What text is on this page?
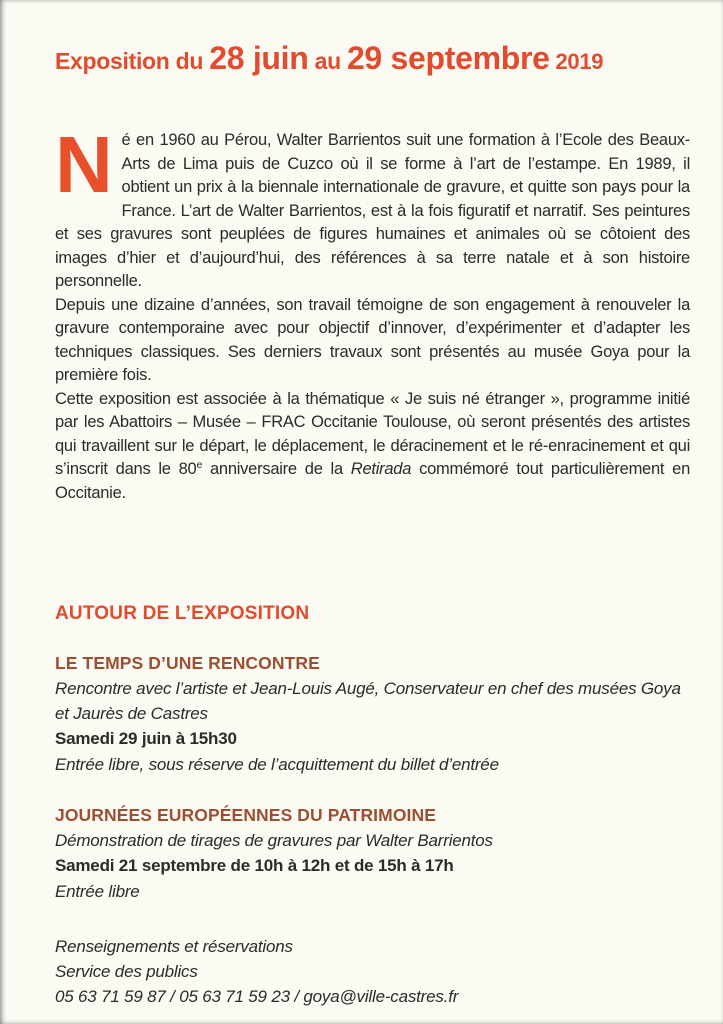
Exposition du 28 juin au 29 septembre 2019

Né en 1960 au Pérou, Walter Barrientos suit une formation à l’Ecole des Beaux-Arts de Lima puis de Cuzco où il se forme à l’art de l’estampe. En 1989, il obtient un prix à la biennale internationale de gravure, et quitte son pays pour la France. L’art de Walter Barrientos, est à la fois figuratif et narratif. Ses peintures et ses gravures sont peuplées de figures humaines et animales où se côtoient des images d’hier et d’aujourd’hui, des références à sa terre natale et à son histoire personnelle.

Depuis une dizaine d’années, son travail témoigne de son engagement à renouveler la gravure contemporaine avec pour objectif d’innover, d’expérimenter et d’adapter les techniques classiques. Ses derniers travaux sont présentés au musée Goya pour la première fois.

Cette exposition est associée à la thématique « Je suis né étranger », programme initié par les Abattoirs – Musée – FRAC Occitanie Toulouse, où seront présentés des artistes qui travaillent sur le départ, le déplacement, le déracinement et le ré-enracinement et qui s’inscrit dans le 80e anniversaire de la Retirada commémoré tout particulièrement en Occitanie.

AUTOUR DE L’EXPOSITION
LE TEMPS D’UNE RENCONTRE
Rencontre avec l’artiste et Jean-Louis Augé, Conservateur en chef des musées Goya et Jaurès de Castres
Samedi 29 juin à 15h30
Entrée libre, sous réserve de l’acquittement du billet d’entrée
JOURNÉES EUROPÉENNES DU PATRIMOINE
Démonstration de tirages de gravures par Walter Barrientos
Samedi 21 septembre de 10h à 12h et de 15h à 17h
Entrée libre
Renseignements et réservations
Service des publics
05 63 71 59 87 / 05 63 71 59 23 / goya@ville-castres.fr
